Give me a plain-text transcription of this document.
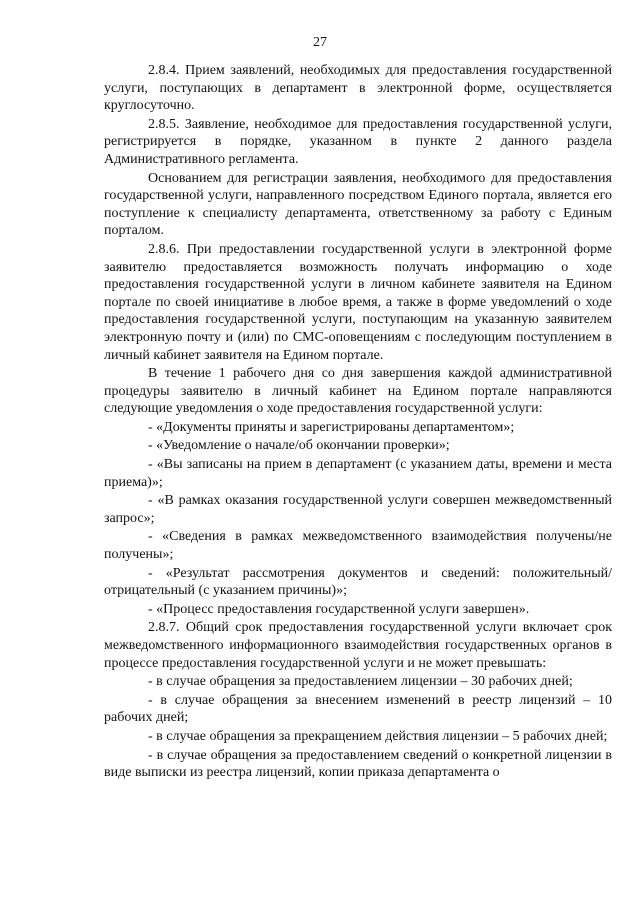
27

2.8.4. Прием заявлений, необходимых для предоставления государственной услуги, поступающих в департамент в электронной форме, осуществляется круглосуточно.

2.8.5. Заявление, необходимое для предоставления государственной услуги, регистрируется в порядке, указанном в пункте 2 данного раздела Административного регламента.

Основанием для регистрации заявления, необходимого для предоставления государственной услуги, направленного посредством Единого портала, является его поступление к специалисту департамента, ответственному за работу с Единым порталом.

2.8.6. При предоставлении государственной услуги в электронной форме заявителю предоставляется возможность получать информацию о ходе предоставления государственной услуги в личном кабинете заявителя на Едином портале по своей инициативе в любое время, а также в форме уведомлений о ходе предоставления государственной услуги, поступающим на указанную заявителем электронную почту и (или) по СМС-оповещениям с последующим поступлением в личный кабинет заявителя на Едином портале.

В течение 1 рабочего дня со дня завершения каждой административной процедуры заявителю в личный кабинет на Едином портале направляются следующие уведомления о ходе предоставления государственной услуги:

- «Документы приняты и зарегистрированы департаментом»;

- «Уведомление о начале/об окончании проверки»;

- «Вы записаны на прием в департамент (с указанием даты, времени и места приема)»;

- «В рамках оказания государственной услуги совершен межведомственный запрос»;

- «Сведения в рамках межведомственного взаимодействия получены/не получены»;

- «Результат рассмотрения документов и сведений: положительный/отрицательный (с указанием причины)»;

- «Процесс предоставления государственной услуги завершен».

2.8.7. Общий срок предоставления государственной услуги включает срок межведомственного информационного взаимодействия государственных органов в процессе предоставления государственной услуги и не может превышать:

- в случае обращения за предоставлением лицензии – 30 рабочих дней;

- в случае обращения за внесением изменений в реестр лицензий – 10 рабочих дней;

- в случае обращения за прекращением действия лицензии – 5 рабочих дней;

- в случае обращения за предоставлением сведений о конкретной лицензии в виде выписки из реестра лицензий, копии приказа департамента о
